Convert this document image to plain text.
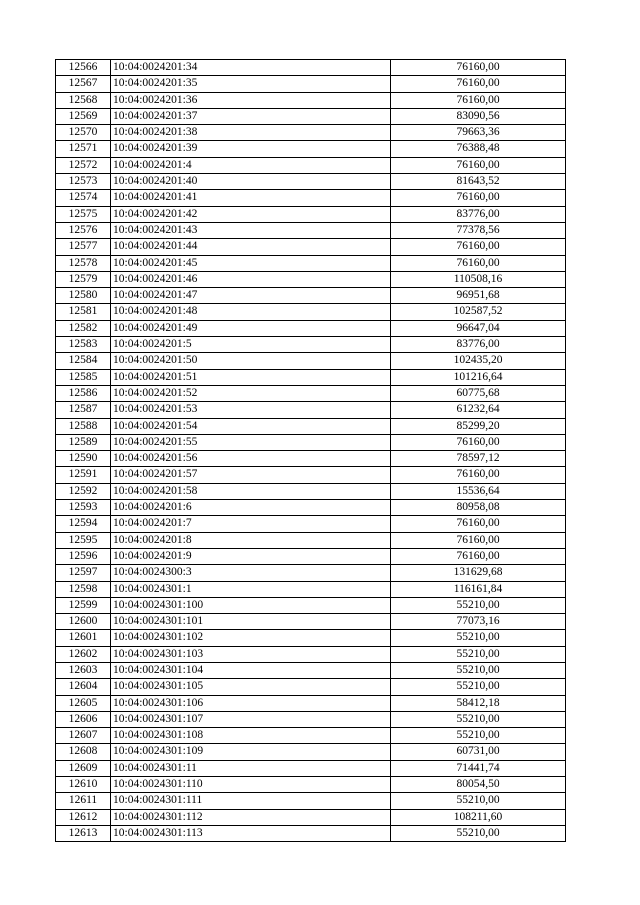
12566	10:04:0024201:34	76160,00
12567	10:04:0024201:35	76160,00
12568	10:04:0024201:36	76160,00
12569	10:04:0024201:37	83090,56
12570	10:04:0024201:38	79663,36
12571	10:04:0024201:39	76388,48
12572	10:04:0024201:4	76160,00
12573	10:04:0024201:40	81643,52
12574	10:04:0024201:41	76160,00
12575	10:04:0024201:42	83776,00
12576	10:04:0024201:43	77378,56
12577	10:04:0024201:44	76160,00
12578	10:04:0024201:45	76160,00
12579	10:04:0024201:46	110508,16
12580	10:04:0024201:47	96951,68
12581	10:04:0024201:48	102587,52
12582	10:04:0024201:49	96647,04
12583	10:04:0024201:5	83776,00
12584	10:04:0024201:50	102435,20
12585	10:04:0024201:51	101216,64
12586	10:04:0024201:52	60775,68
12587	10:04:0024201:53	61232,64
12588	10:04:0024201:54	85299,20
12589	10:04:0024201:55	76160,00
12590	10:04:0024201:56	78597,12
12591	10:04:0024201:57	76160,00
12592	10:04:0024201:58	15536,64
12593	10:04:0024201:6	80958,08
12594	10:04:0024201:7	76160,00
12595	10:04:0024201:8	76160,00
12596	10:04:0024201:9	76160,00
12597	10:04:0024300:3	131629,68
12598	10:04:0024301:1	116161,84
12599	10:04:0024301:100	55210,00
12600	10:04:0024301:101	77073,16
12601	10:04:0024301:102	55210,00
12602	10:04:0024301:103	55210,00
12603	10:04:0024301:104	55210,00
12604	10:04:0024301:105	55210,00
12605	10:04:0024301:106	58412,18
12606	10:04:0024301:107	55210,00
12607	10:04:0024301:108	55210,00
12608	10:04:0024301:109	60731,00
12609	10:04:0024301:11	71441,74
12610	10:04:0024301:110	80054,50
12611	10:04:0024301:111	55210,00
12612	10:04:0024301:112	108211,60
12613	10:04:0024301:113	55210,00
